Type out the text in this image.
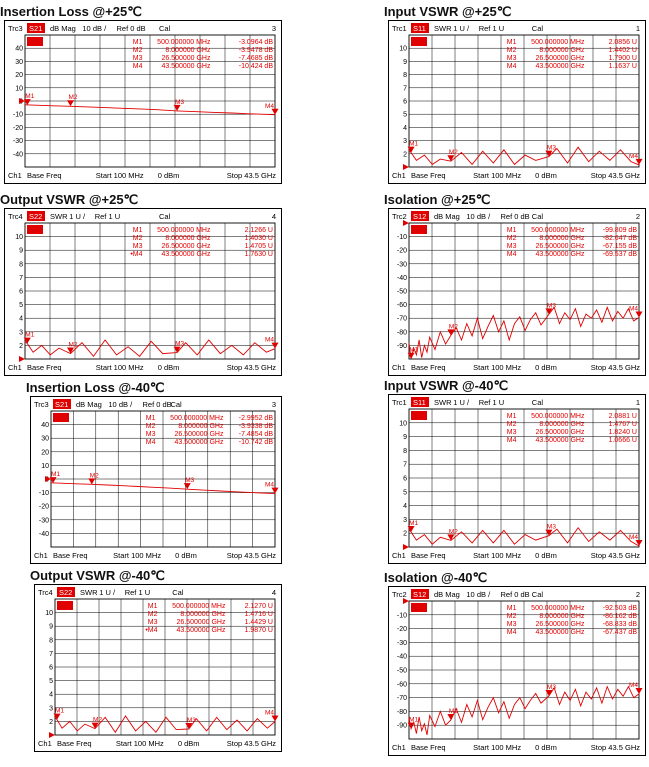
Insertion Loss @+25℃
Trc3 S21 dB Mag 10 dB / Ref 0 dB Cal	3
40
30
20
10
-10
-20
-30
-40
M1 500.000000 MHz	-3.0964 dB
M2	8.000000 GHz	-3.9478 dB
M3	26.500000 GHz	-7.4685 dB
M4	43.500000 GHz	-10.424 dB
M1	M2
M3
M4
Ch1 Base Freq	Start 100 MHz 0 dBm	Stop 43.5 GHz
Input VSWR @+25℃
Trc1 S11 SWR 1 U / Ref 1 U	Cal	1
10
9
8
7
6
5
4
3
2
M1 500.000000 MHz	2.0856 U
M2	8.000000 GHz	1.4402 U
M3	26.500000 GHz	1.7900 U
M4	43.500000 GHz	1.1637 U
M1
M2
M3
M4
Ch1 Base Freq	Start 100 MHz 0 dBm	Stop 43.5 GHz
Output VSWR @+25℃
Trc4 S22 SWR 1 U / Ref 1 U	Cal	4
10
9
8
7
6
5
4
3
2
M1 500.000000 MHz	2.1266 U
M2	8.000000 GHz	1.4030 U
M3	26.500000 GHz	1.4705 U
•M4	43.500000 GHz	1.7630 U
M1
M2	M3
M4
Ch1 Base Freq	Start 100 MHz 0 dBm	Stop 43.5 GHz
Isolation @+25℃
Trc2 S12 dB Mag 10 dB / Ref 0 dB Cal	2
-10
-20
-30
-40
-50
-60
-70
-80
-90
M1 500.000000 MHz	-99.809 dB
M2	8.000000 GHz	-82.647 dB
M3	26.500000 GHz	-67.155 dB
M4	43.500000 GHz	-69.537 dB
M1
M2
M3	M4
Ch1 Base Freq	Start 100 MHz 0 dBm	Stop 43.5 GHz
Insertion Loss @-40℃
Trc3 S21 dB Mag 10 dB / Ref 0 dB
Cal	3
40
30
20
10
-10
-20
-30
-40
M1 500.000000 MHz -2.9952 dB
M2	8.000000 GHz -3.9338 dB
M3	26.500000 GHz -7.4854 dB
M4	43.500000 GHz -10.742 dB
M1	M2
M3
M4
Ch1 Base Freq	Start 100 MHz 0 dBm	Stop 43.5 GHz
Input VSWR @-40℃
Trc1 S11 SWR 1 U / Ref 1 U	Cal	1
10
9
8
7
6
5
4
3
2
M1 500.000000 MHz	2.0881 U
M2	8.000000 GHz	1.4767 U
M3	26.500000 GHz	1.8240 U
M4	43.500000 GHz	1.0666 U
M1
M2
M3
M4
Ch1 Base Freq	Start 100 MHz 0 dBm	Stop 43.5 GHz
Output VSWR @-40℃
Trc4 S22 SWR 1 U / Ref 1 U	Cal	4
10
9
8
7
6
5
4
3
2
M1 500.000000 MHz	2.1270 U
M2	8.000000 GHz	1.4716 U
M3	26.500000 GHz	1.4429 U
•M4	43.500000 GHz	1.9870 U
M1
M2	M3
M4
Ch1 Base Freq	Start 100 MHz 0 dBm	Stop 43.5 GHz
Isolation @-40℃
Trc2 S12 dB Mag 10 dB / Ref 0 dB Cal	2
-10
-20
-30
-40
-50
-60
-70
-80
-90
M1 500.000000 MHz	-92.503 dB
M2	8.000000 GHz	-86.162 dB
M3	26.500000 GHz	-68.833 dB
M4	43.500000 GHz	-67.437 dB
M1
M2
M3	M4
Ch1 Base Freq	Start 100 MHz 0 dBm	Stop 43.5 GHz
